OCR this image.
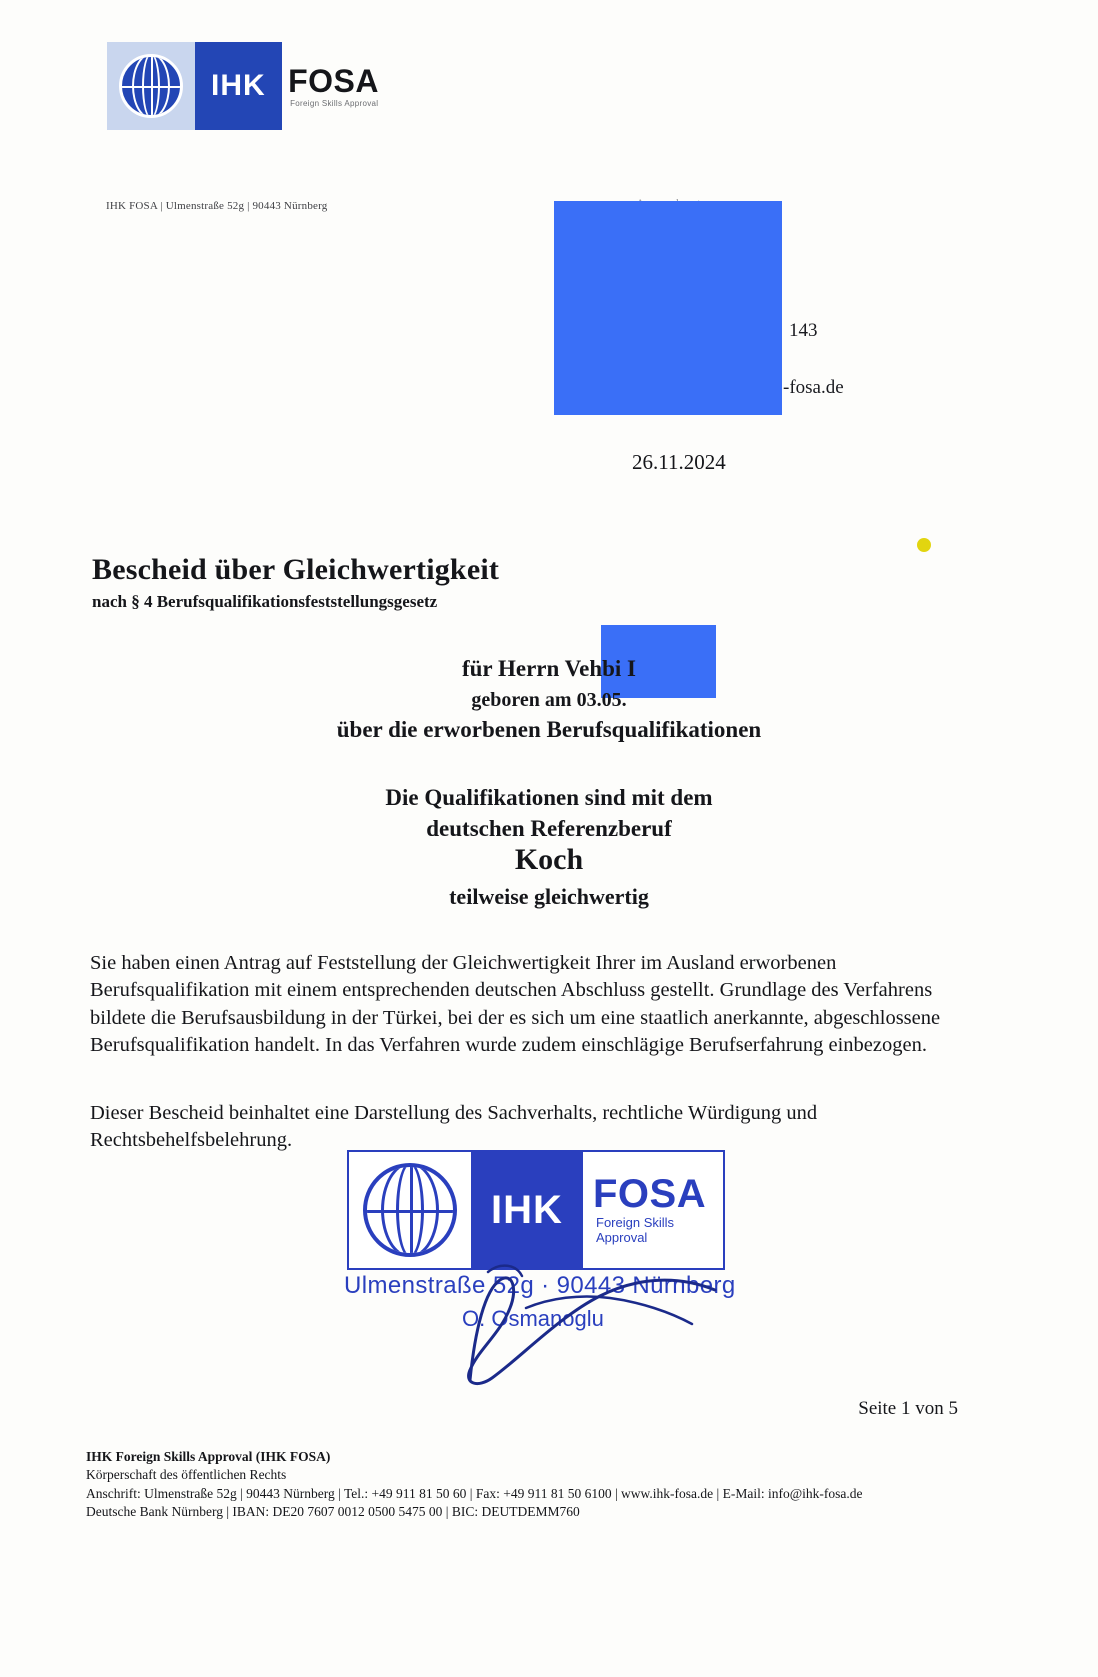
IHK FOSA
Foreign Skills Approval
IHK FOSA | Ulmenstraße 52g | 90443 Nürnberg
143
-fosa.de
26.11.2024
Bescheid über Gleichwertigkeit
nach § 4 Berufsqualifikationsfeststellungsgesetz
für Herrn Vehbi I
geboren am 03.05.
über die erworbenen Berufsqualifikationen
Die Qualifikationen sind mit dem
deutschen Referenzberuf
Koch
teilweise gleichwertig
Sie haben einen Antrag auf Feststellung der Gleichwertigkeit Ihrer im Ausland erworbenen Berufsqualifikation mit einem entsprechenden deutschen Abschluss gestellt. Grundlage des Verfahrens bildete die Berufsausbildung in der Türkei, bei der es sich um eine staatlich anerkannte, abgeschlossene Berufsqualifikation handelt. In das Verfahren wurde zudem einschlägige Berufserfahrung einbezogen.
Dieser Bescheid beinhaltet eine Darstellung des Sachverhalts, rechtliche Würdigung und Rechtsbehelfsbelehrung.
IHK FOSA
Foreign Skills Approval
Ulmenstraße 52g · 90443 Nürnberg
O. Osmanoglu
Seite 1 von 5
IHK Foreign Skills Approval (IHK FOSA)
Körperschaft des öffentlichen Rechts
Anschrift: Ulmenstraße 52g | 90443 Nürnberg | Tel.: +49 911 81 50 60 | Fax: +49 911 81 50 6100 | www.ihk-fosa.de | E-Mail: info@ihk-fosa.de
Deutsche Bank Nürnberg | IBAN: DE20 7607 0012 0500 5475 00 | BIC: DEUTDEMM760
